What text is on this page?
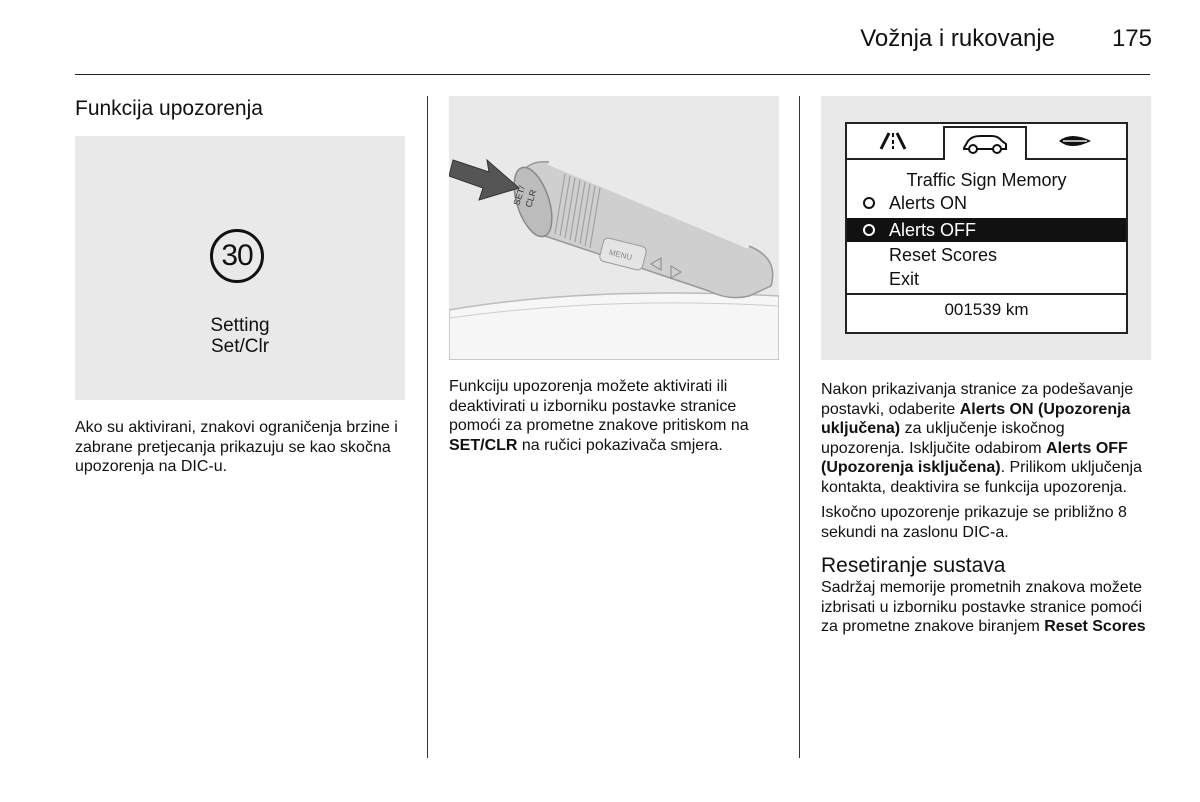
Vožnja i rukovanje	175
Funkcija upozorenja
30
Setting
Set/Clr

Ako su aktivirani, znakovi ograničenja brzine i zabrane pretjecanja prikazuju se kao skočna upozorenja na DIC-u.

SET/
CLR
MENU

Funkciju upozorenja možete aktivirati ili deaktivirati u izborniku postavke stranice pomoći za prometne znakove pritiskom na SET/CLR na ručici pokazivača smjera.

Traffic Sign Memory
Alerts ON
Alerts OFF
Reset Scores
Exit
001539 km

Nakon prikazivanja stranice za podešavanje postavki, odaberite Alerts ON (Upozorenja uključena) za uključenje iskočnog upozorenja. Isključite odabirom Alerts OFF (Upozorenja isključena). Prilikom uključenja kontakta, deaktivira se funkcija upozorenja.

Iskočno upozorenje prikazuje se približno 8 sekundi na zaslonu DIC-a.

Resetiranje sustava

Sadržaj memorije prometnih znakova možete izbrisati u izborniku postavke stranice pomoći za prometne znakove biranjem Reset Scores
